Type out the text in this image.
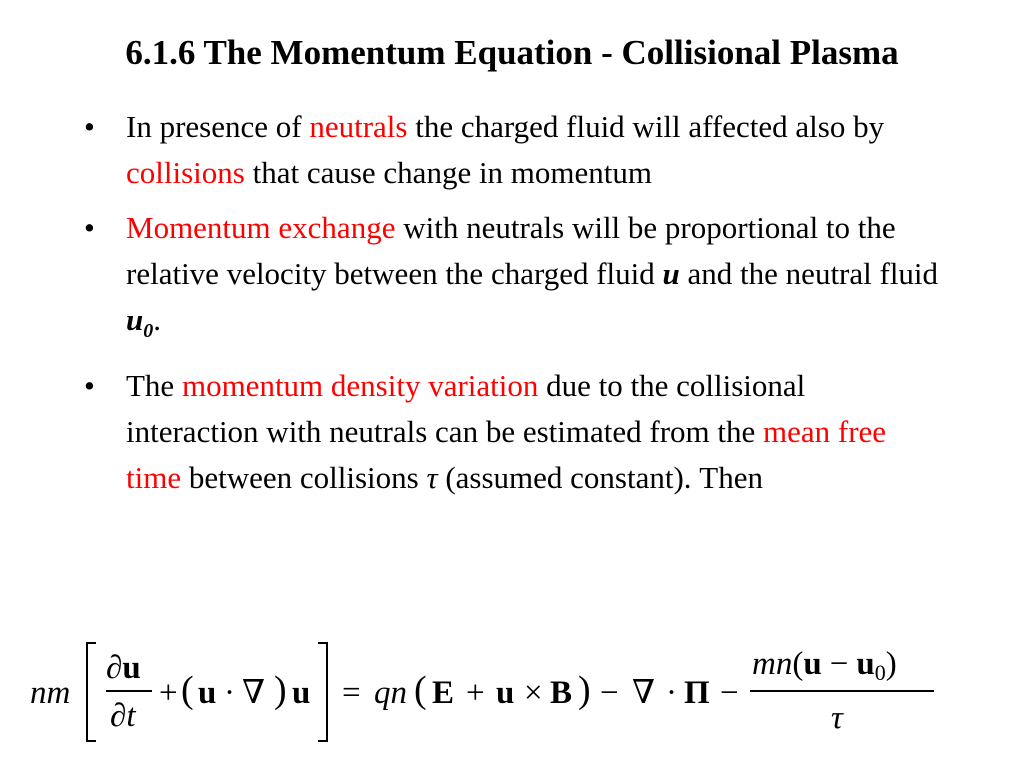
6.1.6 The Momentum Equation - Collisional Plasma
• In presence of neutrals the charged fluid will affected also by collisions that cause change in momentum
• Momentum exchange with neutrals will be proportional to the relative velocity between the charged fluid u and the neutral fluid $u_0$.
• The momentum density variation due to the collisional interaction with neutrals can be estimated from the mean free time between collisions τ (assumed constant). Then
nm
∂u
∂t
+ ( u · ∇ ) u = qn ( E + u × B ) − ∇ · Π −
mn(u − u0)
τ
